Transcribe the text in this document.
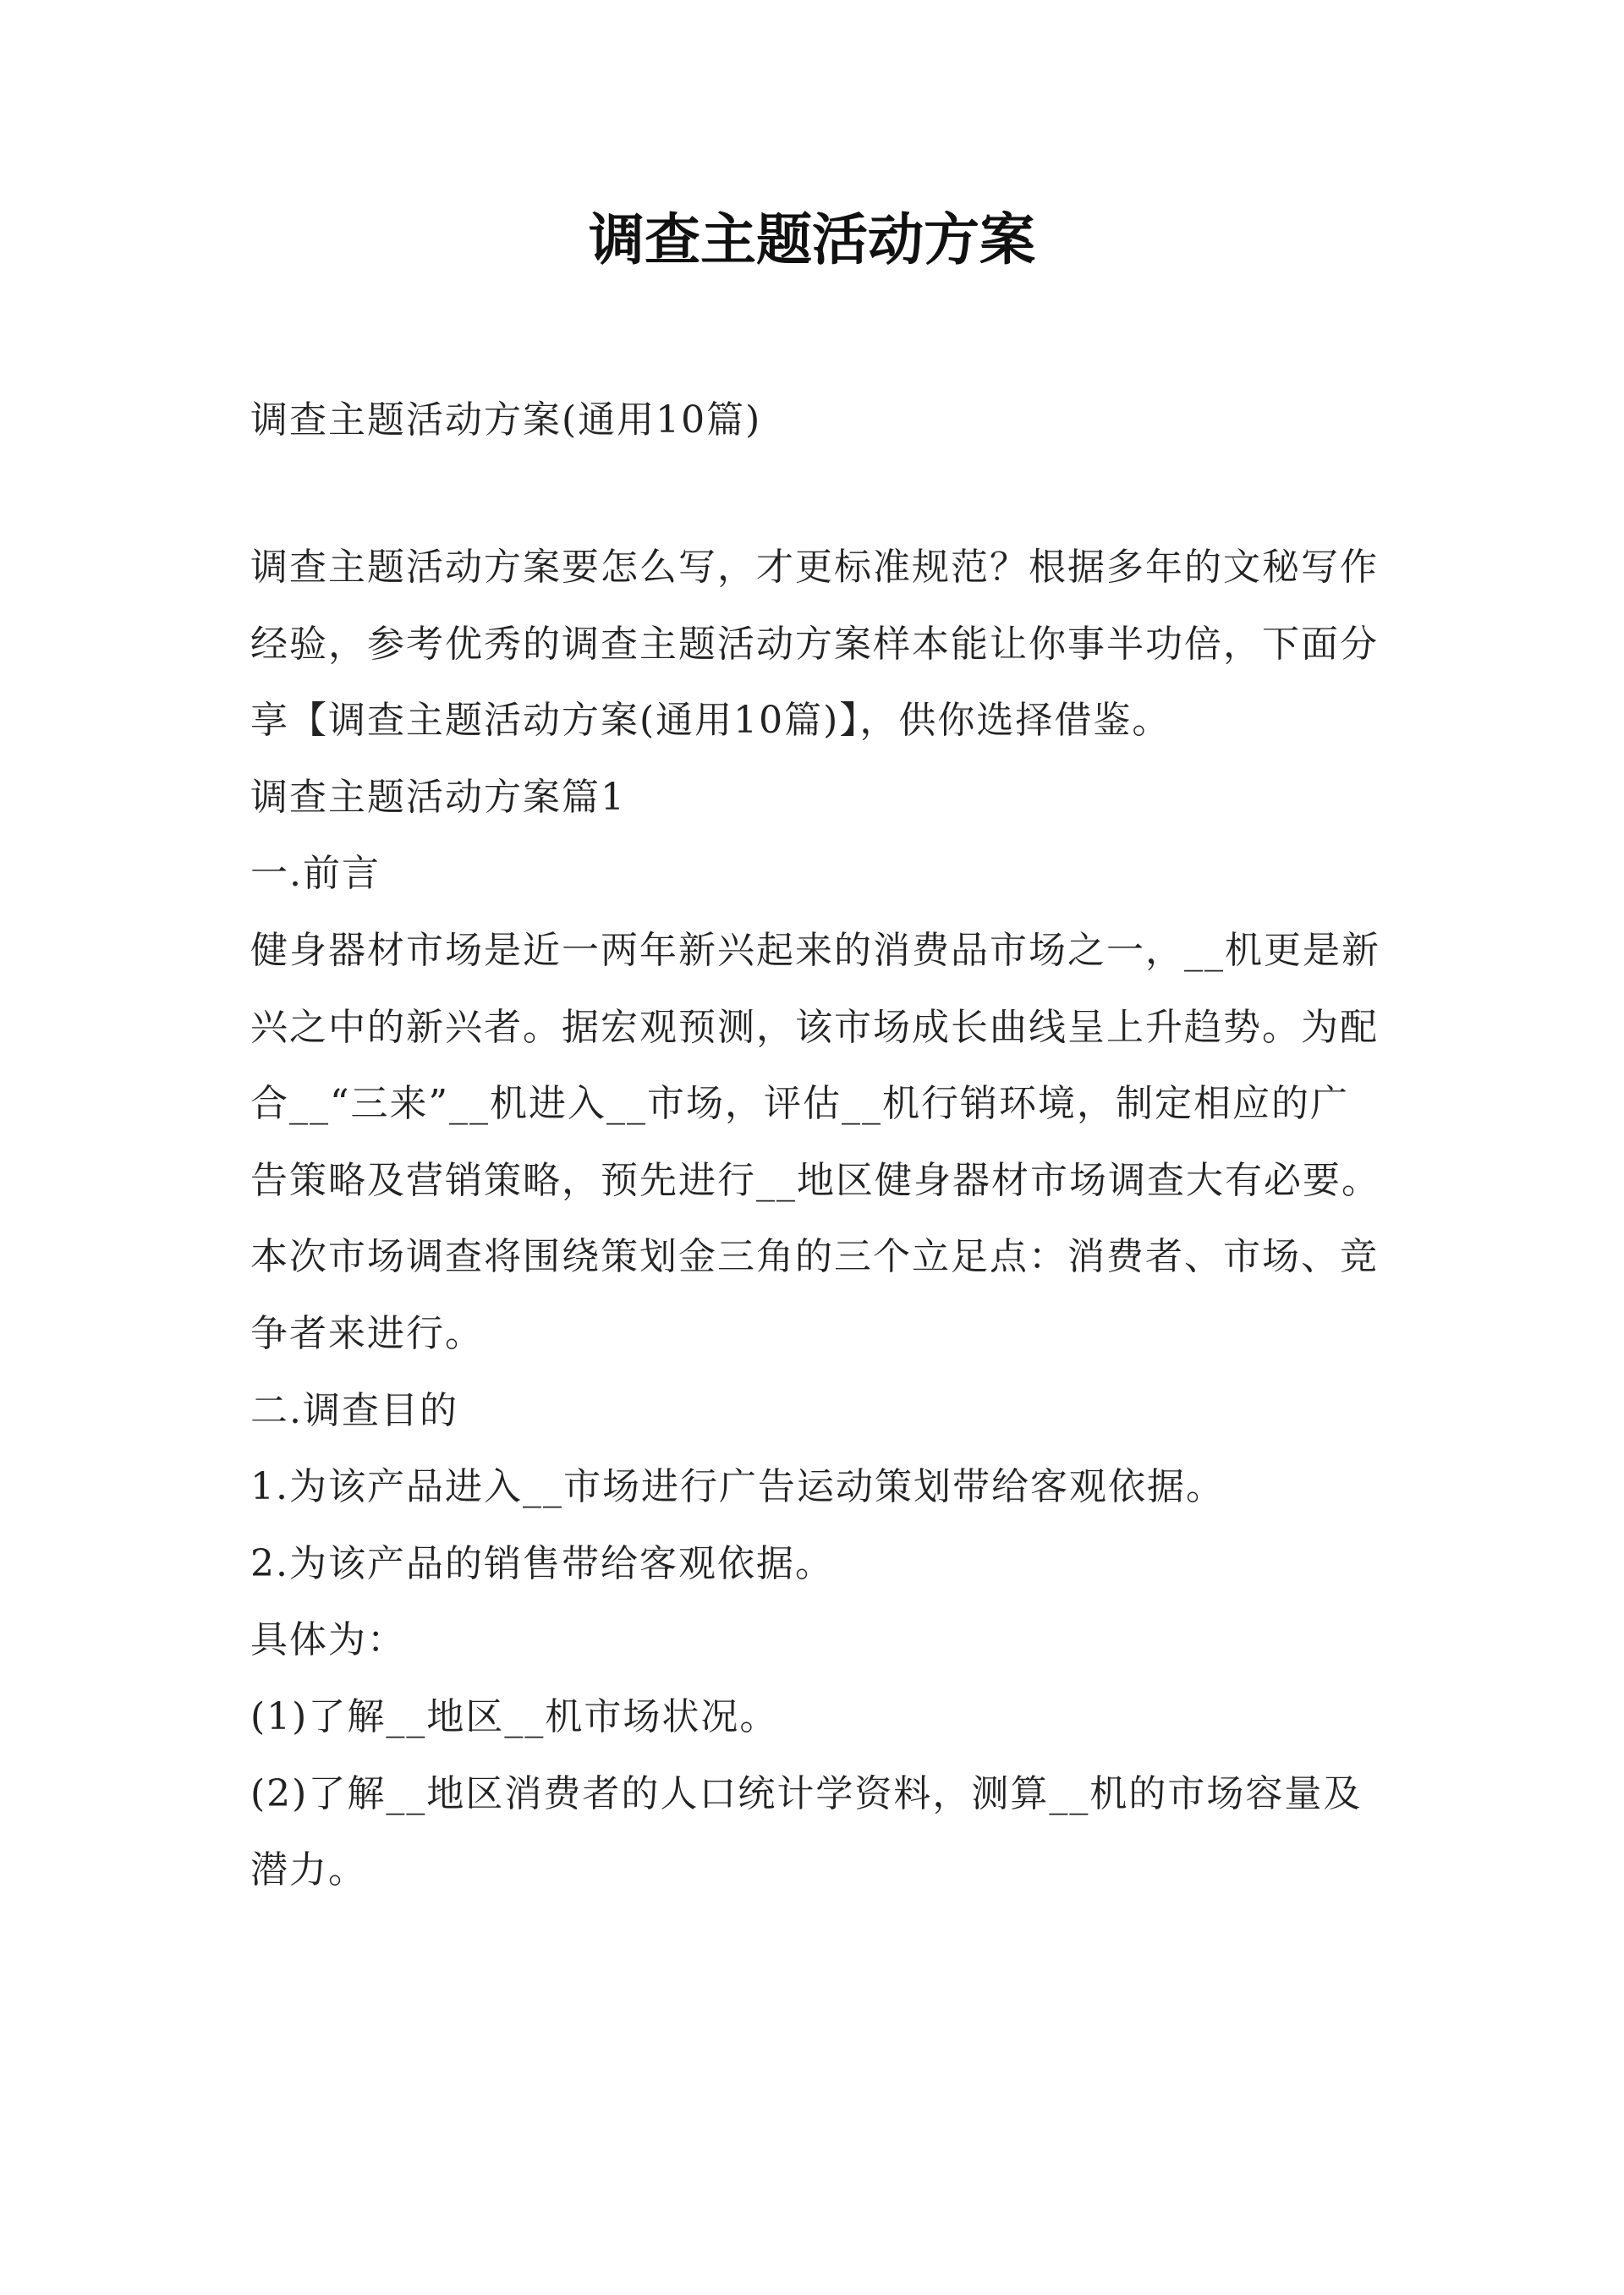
调查主题活动方案
调查主题活动方案(通用10篇)

调查主题活动方案要怎么写，才更标准规范？根据多年的文秘写作经验，参考优秀的调查主题活动方案样本能让你事半功倍，下面分享【调查主题活动方案(通用10篇)】，供你选择借鉴。

调查主题活动方案篇1

一.前言

健身器材市场是近一两年新兴起来的消费品市场之一，__机更是新兴之中的新兴者。据宏观预测，该市场成长曲线呈上升趋势。为配合__“三来”__机进入__市场，评估__机行销环境，制定相应的广告策略及营销策略，预先进行__地区健身器材市场调查大有必要。

本次市场调查将围绕策划金三角的三个立足点：消费者、市场、竞争者来进行。

二.调查目的

1.为该产品进入__市场进行广告运动策划带给客观依据。

2.为该产品的销售带给客观依据。

具体为：

(1)了解__地区__机市场状况。

(2)了解__地区消费者的人口统计学资料，测算__机的市场容量及潜力。
